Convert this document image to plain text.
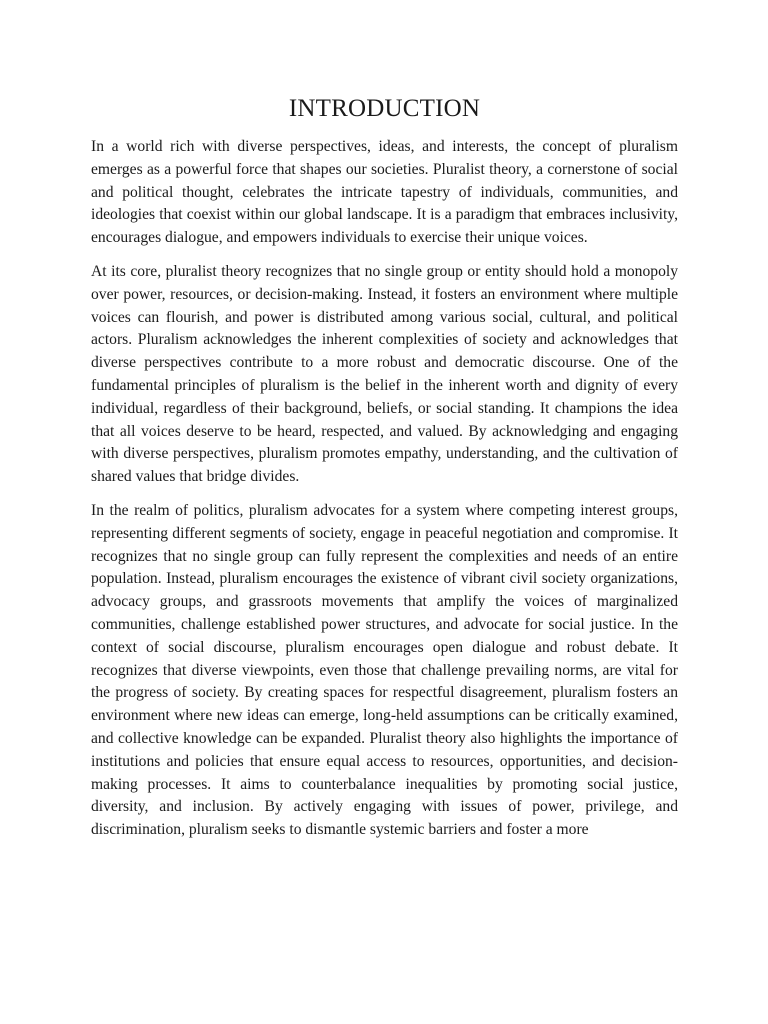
INTRODUCTION

In a world rich with diverse perspectives, ideas, and interests, the concept of pluralism emerges as a powerful force that shapes our societies. Pluralist theory, a cornerstone of social and political thought, celebrates the intricate tapestry of individuals, communities, and ideologies that coexist within our global landscape. It is a paradigm that embraces inclusivity, encourages dialogue, and empowers individuals to exercise their unique voices.

At its core, pluralist theory recognizes that no single group or entity should hold a monopoly over power, resources, or decision-making. Instead, it fosters an environment where multiple voices can flourish, and power is distributed among various social, cultural, and political actors. Pluralism acknowledges the inherent complexities of society and acknowledges that diverse perspectives contribute to a more robust and democratic discourse. One of the fundamental principles of pluralism is the belief in the inherent worth and dignity of every individual, regardless of their background, beliefs, or social standing. It champions the idea that all voices deserve to be heard, respected, and valued. By acknowledging and engaging with diverse perspectives, pluralism promotes empathy, understanding, and the cultivation of shared values that bridge divides.

In the realm of politics, pluralism advocates for a system where competing interest groups, representing different segments of society, engage in peaceful negotiation and compromise. It recognizes that no single group can fully represent the complexities and needs of an entire population. Instead, pluralism encourages the existence of vibrant civil society organizations, advocacy groups, and grassroots movements that amplify the voices of marginalized communities, challenge established power structures, and advocate for social justice. In the context of social discourse, pluralism encourages open dialogue and robust debate. It recognizes that diverse viewpoints, even those that challenge prevailing norms, are vital for the progress of society. By creating spaces for respectful disagreement, pluralism fosters an environment where new ideas can emerge, long-held assumptions can be critically examined, and collective knowledge can be expanded. Pluralist theory also highlights the importance of institutions and policies that ensure equal access to resources, opportunities, and decision-making processes. It aims to counterbalance inequalities by promoting social justice, diversity, and inclusion. By actively engaging with issues of power, privilege, and discrimination, pluralism seeks to dismantle systemic barriers and foster a more
